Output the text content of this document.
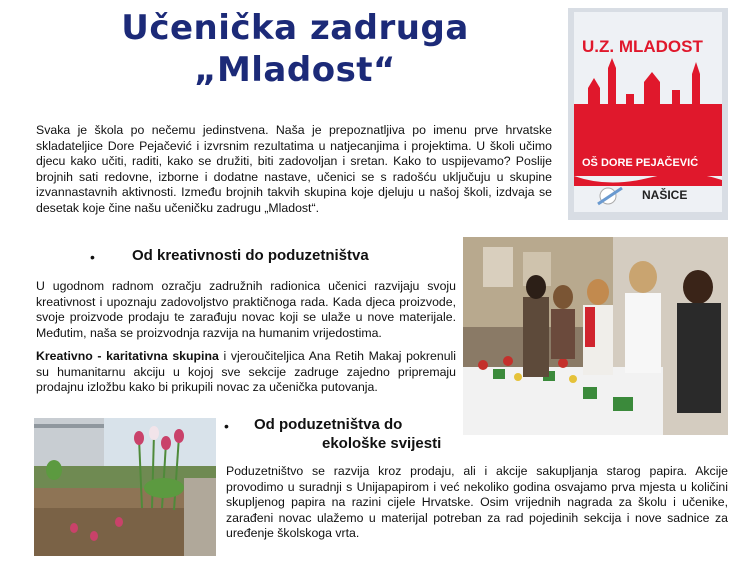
Učenička zadruga
„Mladost“
U.Z. MLADOST
OŠ DORE PEJAČEVIĆ
NAŠICE
Svaka je škola po nečemu jedinstvena. Naša je prepoznatljiva po imenu prve hrvatske skladateljice Dore Pejačević i izvrsnim rezultatima u natjecanjima i projektima. U školi učimo djecu kako učiti, raditi, kako se družiti, biti zadovoljan i sretan. Kako to uspijevamo? Poslije brojnih sati redovne, izborne i dodatne nastave, učenici se s radošću uključuju u skupine izvannastavnih aktivnosti. Između brojnih takvih skupina koje djeluju u našoj školi, izdvaja se desetak koje čine našu učeničku zadrugu „Mladost“.
• Od kreativnosti do poduzetništva
U ugodnom radnom ozračju zadružnih radionica učenici razvijaju svoju kreativnost i upoznaju zadovoljstvo praktičnoga rada. Kada djeca proizvode, svoje proizvode prodaju te zarađuju novac koji se ulaže u nove materijale. Međutim, naša se proizvodnja razvija na humanim vrijedostima.
Kreativno - karitativna skupina i vjeroučiteljica Ana Retih Makaj pokrenuli su humanitarnu akciju u kojoj sve sekcije zadruge zajedno pripremaju prodajnu izložbu kako bi prikupili novac za učenička putovanja.
• Od poduzetništva do
ekološke svijesti
Poduzetništvo se razvija kroz prodaju, ali i akcije sakupljanja starog papira. Akcije provodimo u suradnji s Unijapapirom i već nekoliko godina osvajamo prva mjesta u količini skupljenog papira na razini cijele Hrvatske. Osim vrijednih nagrada za školu i učenike, zarađeni novac ulažemo u materijal potreban za rad pojedinih sekcija i nove sadnice za uređenje školskoga vrta.
